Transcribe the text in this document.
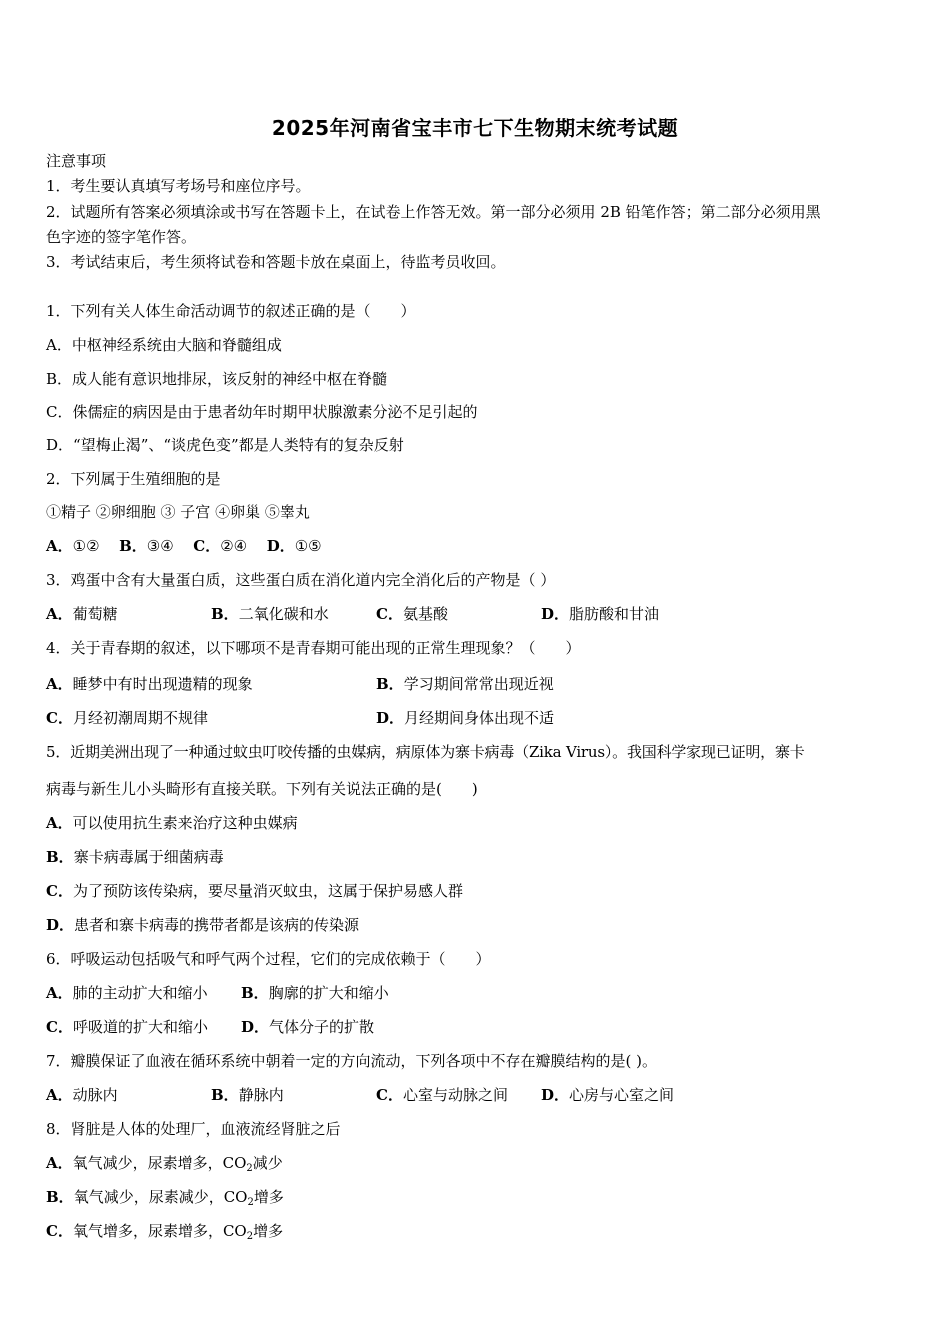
2025年河南省宝丰市七下生物期末统考试题
注意事项
1．考生要认真填写考场号和座位序号。
2．试题所有答案必须填涂或书写在答题卡上，在试卷上作答无效。第一部分必须用 2B 铅笔作答；第二部分必须用黑
色字迹的签字笔作答。
3．考试结束后，考生须将试卷和答题卡放在桌面上，待监考员收回。
1．下列有关人体生命活动调节的叙述正确的是（　　）
A．中枢神经系统由大脑和脊髓组成
B．成人能有意识地排尿，该反射的神经中枢在脊髓
C．侏儒症的病因是由于患者幼年时期甲状腺激素分泌不足引起的
D．“望梅止渴”、“谈虎色变”都是人类特有的复杂反射
2．下列属于生殖细胞的是
①精子 ②卵细胞 ③ 子宫 ④卵巢 ⑤睾丸
A．①② B．③④ C．②④ D．①⑤
3．鸡蛋中含有大量蛋白质，这些蛋白质在消化道内完全消化后的产物是（ ）
A．葡萄糖	B．二氧化碳和水	C．氨基酸	D．脂肪酸和甘油
4．关于青春期的叙述，以下哪项不是青春期可能出现的正常生理现象？（　　）
A．睡梦中有时出现遗精的现象	B．学习期间常常出现近视
C．月经初潮周期不规律	D．月经期间身体出现不适
5．近期美洲出现了一种通过蚊虫叮咬传播的虫媒病，病原体为寨卡病毒（Zika Virus）。我国科学家现已证明，寨卡
病毒与新生儿小头畸形有直接关联。下列有关说法正确的是(　　)
A．可以使用抗生素来治疗这种虫媒病
B．寨卡病毒属于细菌病毒
C．为了预防该传染病，要尽量消灭蚊虫，这属于保护易感人群
D．患者和寨卡病毒的携带者都是该病的传染源
6．呼吸运动包括吸气和呼气两个过程，它们的完成依赖于（　　）
A．肺的主动扩大和缩小 B．胸廓的扩大和缩小
C．呼吸道的扩大和缩小 D．气体分子的扩散
7．瓣膜保证了血液在循环系统中朝着一定的方向流动，下列各项中不存在瓣膜结构的是( )。
A．动脉内	B．静脉内	C．心室与动脉之间 D．心房与心室之间
8．肾脏是人体的处理厂，血液流经肾脏之后
A．氧气减少，尿素增多，$CO_2$减少
B．氧气减少，尿素减少，$CO_2$增多
C．氧气增多，尿素增多，$CO_2$增多
